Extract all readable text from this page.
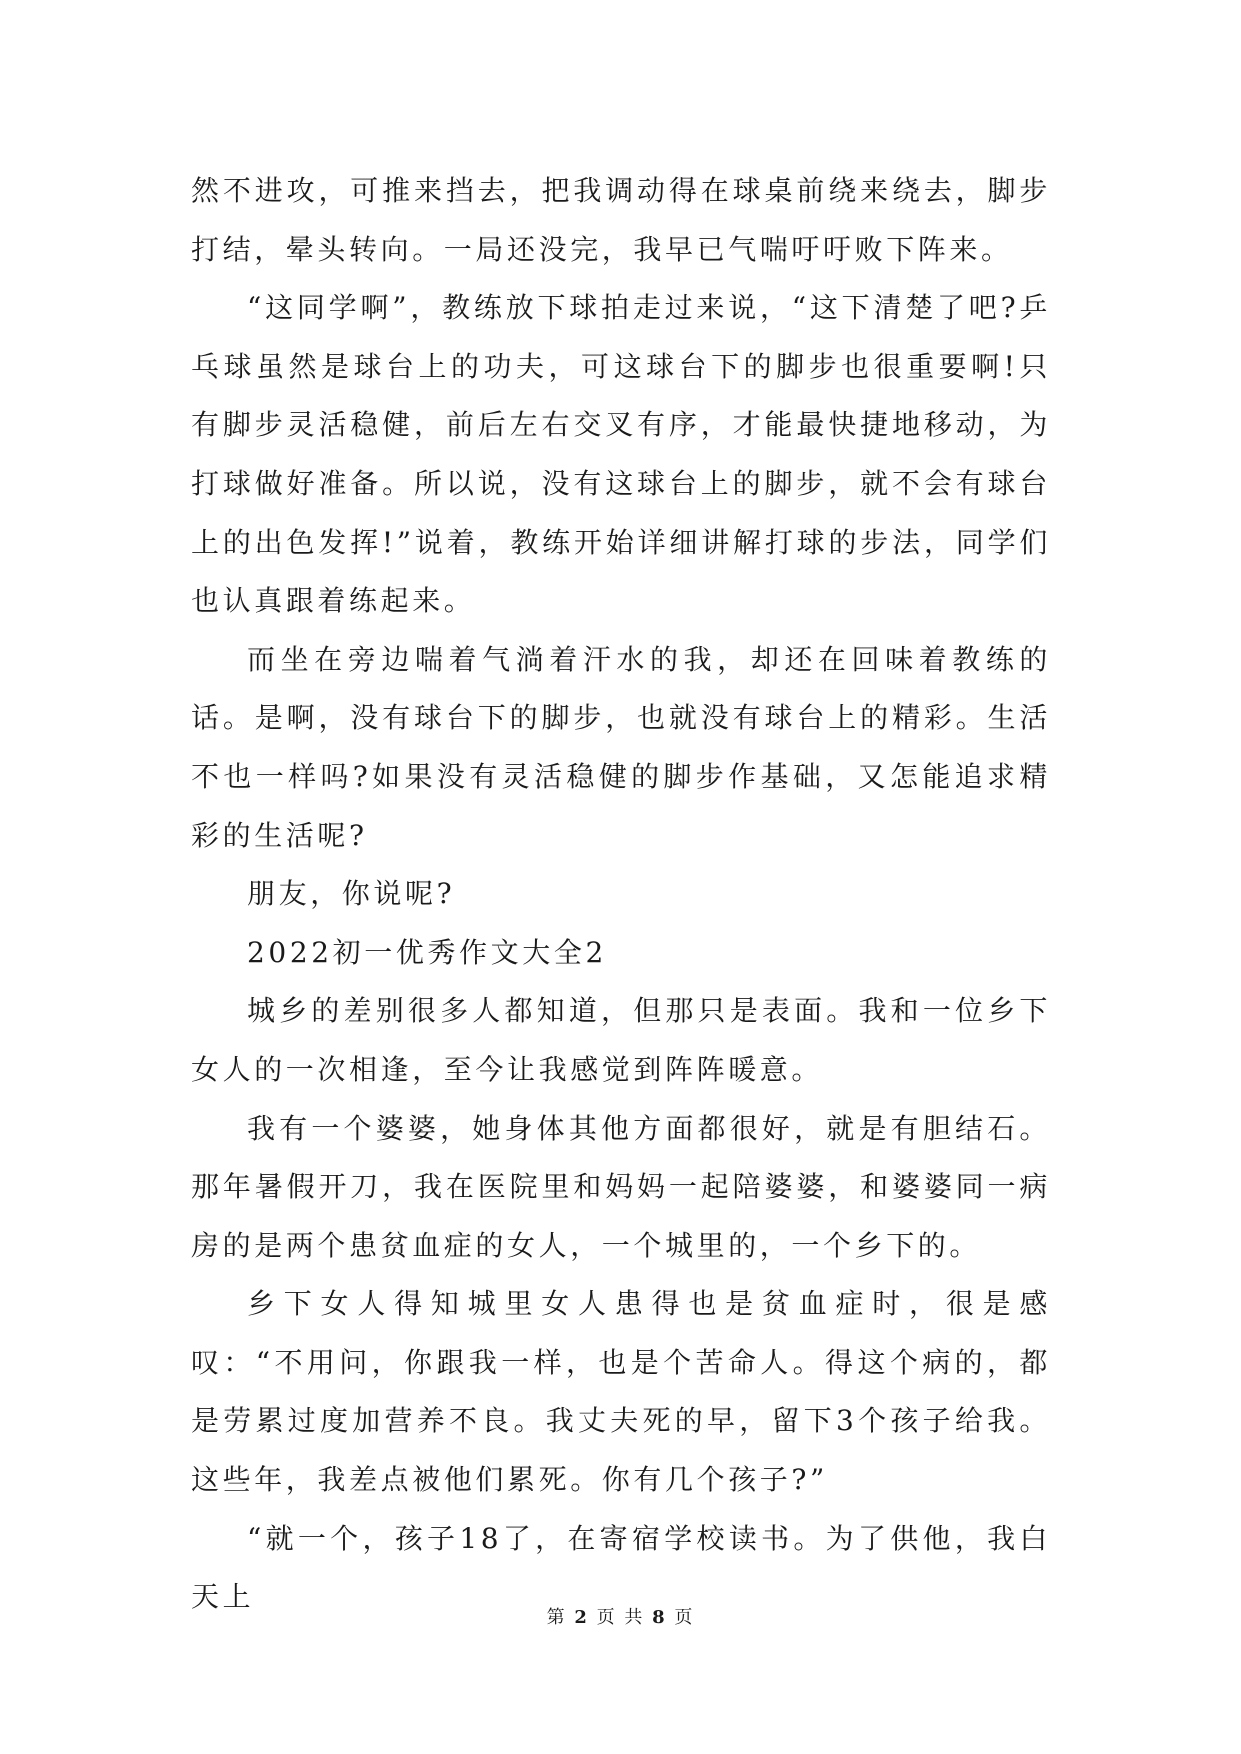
然不进攻，可推来挡去，把我调动得在球桌前绕来绕去，脚步打结，晕头转向。一局还没完，我早已气喘吁吁败下阵来。

“这同学啊”，教练放下球拍走过来说，“这下清楚了吧?乒乓球虽然是球台上的功夫，可这球台下的脚步也很重要啊!只有脚步灵活稳健，前后左右交叉有序，才能最快捷地移动，为打球做好准备。所以说，没有这球台上的脚步，就不会有球台上的出色发挥!”说着，教练开始详细讲解打球的步法，同学们也认真跟着练起来。

而坐在旁边喘着气淌着汗水的我，却还在回味着教练的话。是啊，没有球台下的脚步，也就没有球台上的精彩。生活不也一样吗?如果没有灵活稳健的脚步作基础，又怎能追求精彩的生活呢?

朋友，你说呢?

2022初一优秀作文大全2

城乡的差别很多人都知道，但那只是表面。我和一位乡下女人的一次相逢，至今让我感觉到阵阵暖意。

我有一个婆婆，她身体其他方面都很好，就是有胆结石。那年暑假开刀，我在医院里和妈妈一起陪婆婆，和婆婆同一病房的是两个患贫血症的女人，一个城里的，一个乡下的。

乡下女人得知城里女人患得也是贫血症时，很是感叹：“不用问，你跟我一样，也是个苦命人。得这个病的，都是劳累过度加营养不良。我丈夫死的早，留下3个孩子给我。这些年，我差点被他们累死。你有几个孩子?”

“就一个，孩子18了，在寄宿学校读书。为了供他，我白天上

第 2 页 共 8 页
